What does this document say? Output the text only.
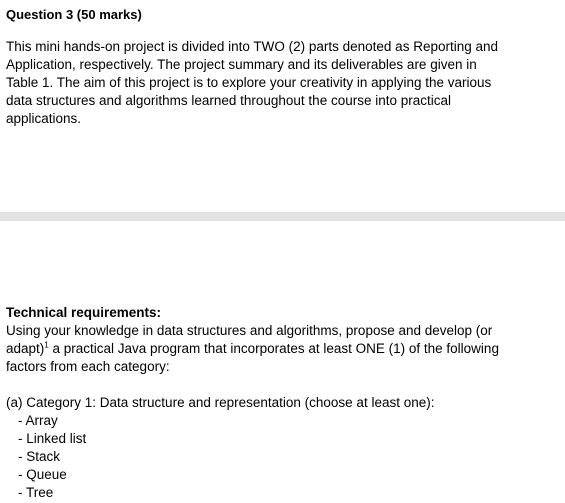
Question 3 (50 marks)
This mini hands-on project is divided into TWO (2) parts denoted as Reporting and
Application, respectively. The project summary and its deliverables are given in
Table 1. The aim of this project is to explore your creativity in applying the various
data structures and algorithms learned throughout the course into practical
applications.
Technical requirements:
Using your knowledge in data structures and algorithms, propose and develop (or
adapt)$^1$ a practical Java program that incorporates at least ONE (1) of the following
factors from each category:
(a) Category 1: Data structure and representation (choose at least one):
- Array
- Linked list
- Stack
- Queue
- Tree
